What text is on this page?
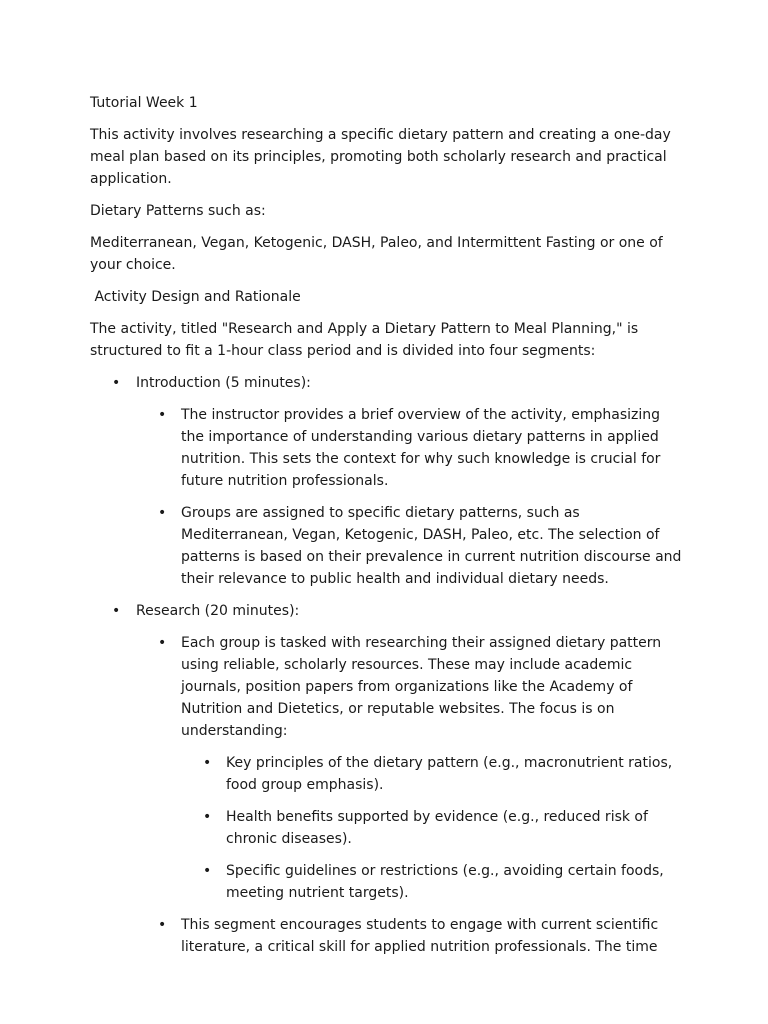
Tutorial Week 1

This activity involves researching a specific dietary pattern and creating a one-day meal plan based on its principles, promoting both scholarly research and practical application.

Dietary Patterns such as:

Mediterranean, Vegan, Ketogenic, DASH, Paleo, and Intermittent Fasting or one of your choice.

Activity Design and Rationale

The activity, titled "Research and Apply a Dietary Pattern to Meal Planning," is structured to fit a 1-hour class period and is divided into four segments:

• Introduction (5 minutes):
• The instructor provides a brief overview of the activity, emphasizing the importance of understanding various dietary patterns in applied nutrition. This sets the context for why such knowledge is crucial for future nutrition professionals.
• Groups are assigned to specific dietary patterns, such as Mediterranean, Vegan, Ketogenic, DASH, Paleo, etc. The selection of patterns is based on their prevalence in current nutrition discourse and their relevance to public health and individual dietary needs.
• Research (20 minutes):
• Each group is tasked with researching their assigned dietary pattern using reliable, scholarly resources. These may include academic journals, position papers from organizations like the Academy of Nutrition and Dietetics, or reputable websites. The focus is on understanding:
• Key principles of the dietary pattern (e.g., macronutrient ratios, food group emphasis).
• Health benefits supported by evidence (e.g., reduced risk of chronic diseases).
• Specific guidelines or restrictions (e.g., avoiding certain foods, meeting nutrient targets).
• This segment encourages students to engage with current scientific literature, a critical skill for applied nutrition professionals. The time
